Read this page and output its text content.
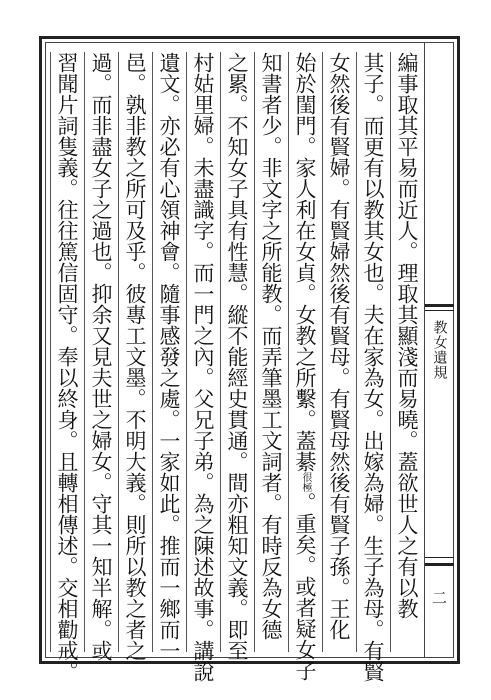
教女遺規
二
編事取其平易而近人。理取其顯淺而易曉。蓋欲世人之有以教
其子。而更有以教其女也。夫在家為女。出嫁為婦。生子為母。有賢
女然後有賢婦。有賢婦然後有賢母。有賢母然後有賢子孫。王化
始於閨門。家人利在女貞。女教之所繫。蓋綦很極。重矣。或者疑女子
知書者少。非文字之所能教。而弄筆墨工文詞者。有時反為女德
之累。不知女子具有性慧。縱不能經史貫通。間亦粗知文義。即至
村姑里婦。未盡識字。而一門之內。父兄子弟。為之陳述故事。講說
遺文。亦必有心領神會。隨事感發之處。一家如此。推而一鄉而一
邑。孰非教之所可及乎。彼專工文墨。不明大義。則所以教之者之
過。而非盡女子之過也。抑余又見夫世之婦女。守其一知半解。或
習聞片詞隻義。往往篤信固守。奉以終身。且轉相傳述。交相勸戒。
